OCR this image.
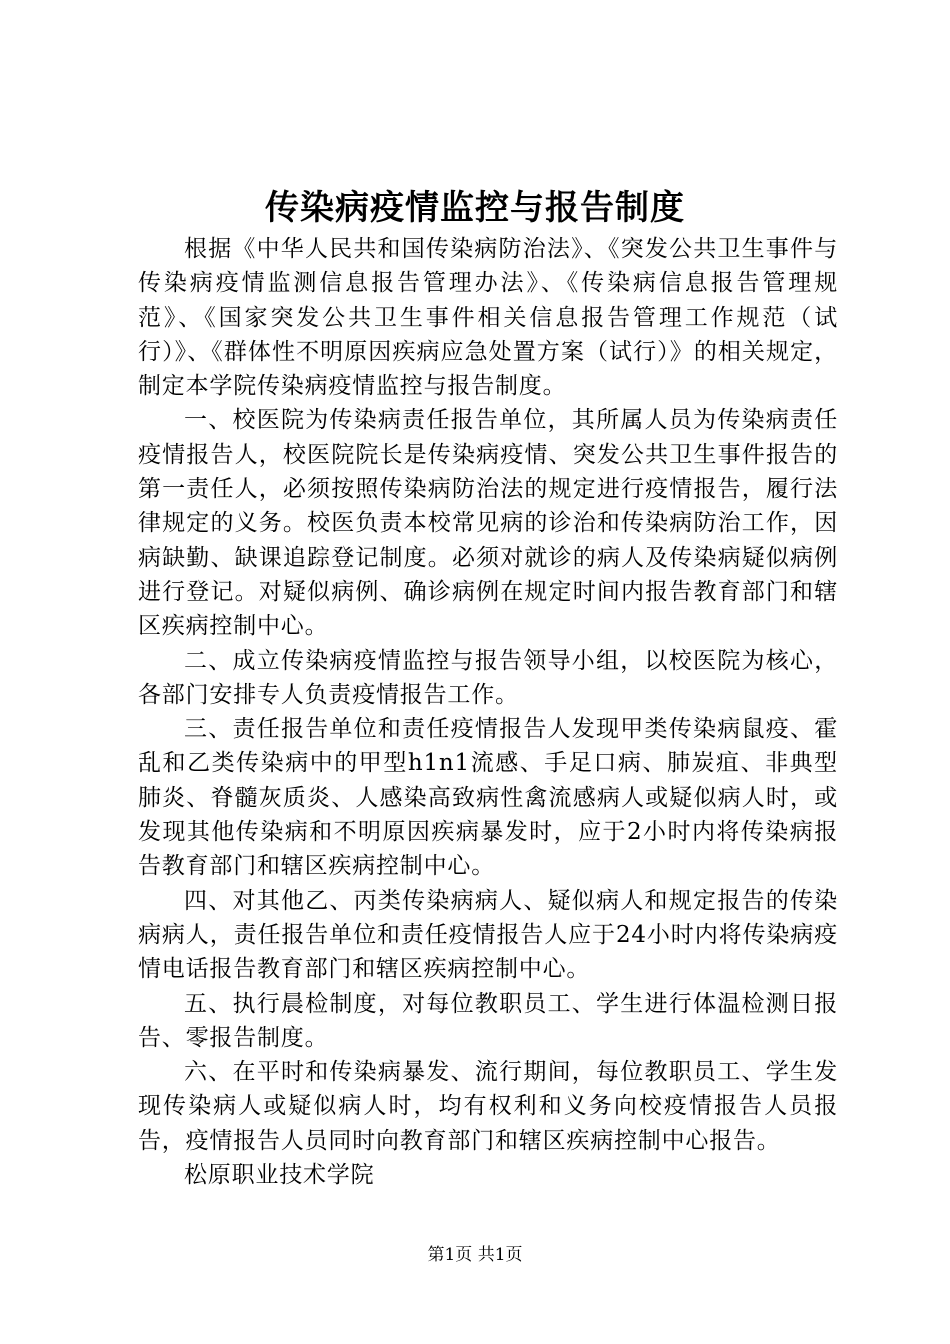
传染病疫情监控与报告制度

根据《中华人民共和国传染病防治法》、《突发公共卫生事件与传染病疫情监测信息报告管理办法》、《传染病信息报告管理规范》、《国家突发公共卫生事件相关信息报告管理工作规范（试行）》、《群体性不明原因疾病应急处置方案（试行）》的相关规定，制定本学院传染病疫情监控与报告制度。

一、校医院为传染病责任报告单位，其所属人员为传染病责任疫情报告人，校医院院长是传染病疫情、突发公共卫生事件报告的第一责任人，必须按照传染病防治法的规定进行疫情报告，履行法律规定的义务。校医负责本校常见病的诊治和传染病防治工作，因病缺勤、缺课追踪登记制度。必须对就诊的病人及传染病疑似病例进行登记。对疑似病例、确诊病例在规定时间内报告教育部门和辖区疾病控制中心。

二、成立传染病疫情监控与报告领导小组，以校医院为核心，各部门安排专人负责疫情报告工作。

三、责任报告单位和责任疫情报告人发现甲类传染病鼠疫、霍乱和乙类传染病中的甲型h1n1流感、手足口病、肺炭疽、非典型肺炎、脊髓灰质炎、人感染高致病性禽流感病人或疑似病人时，或发现其他传染病和不明原因疾病暴发时，应于2小时内将传染病报告教育部门和辖区疾病控制中心。

四、对其他乙、丙类传染病病人、疑似病人和规定报告的传染病病人，责任报告单位和责任疫情报告人应于24小时内将传染病疫情电话报告教育部门和辖区疾病控制中心。

五、执行晨检制度，对每位教职员工、学生进行体温检测日报告、零报告制度。

六、在平时和传染病暴发、流行期间，每位教职员工、学生发现传染病人或疑似病人时，均有权利和义务向校疫情报告人员报告，疫情报告人员同时向教育部门和辖区疾病控制中心报告。

松原职业技术学院

第1页 共1页
